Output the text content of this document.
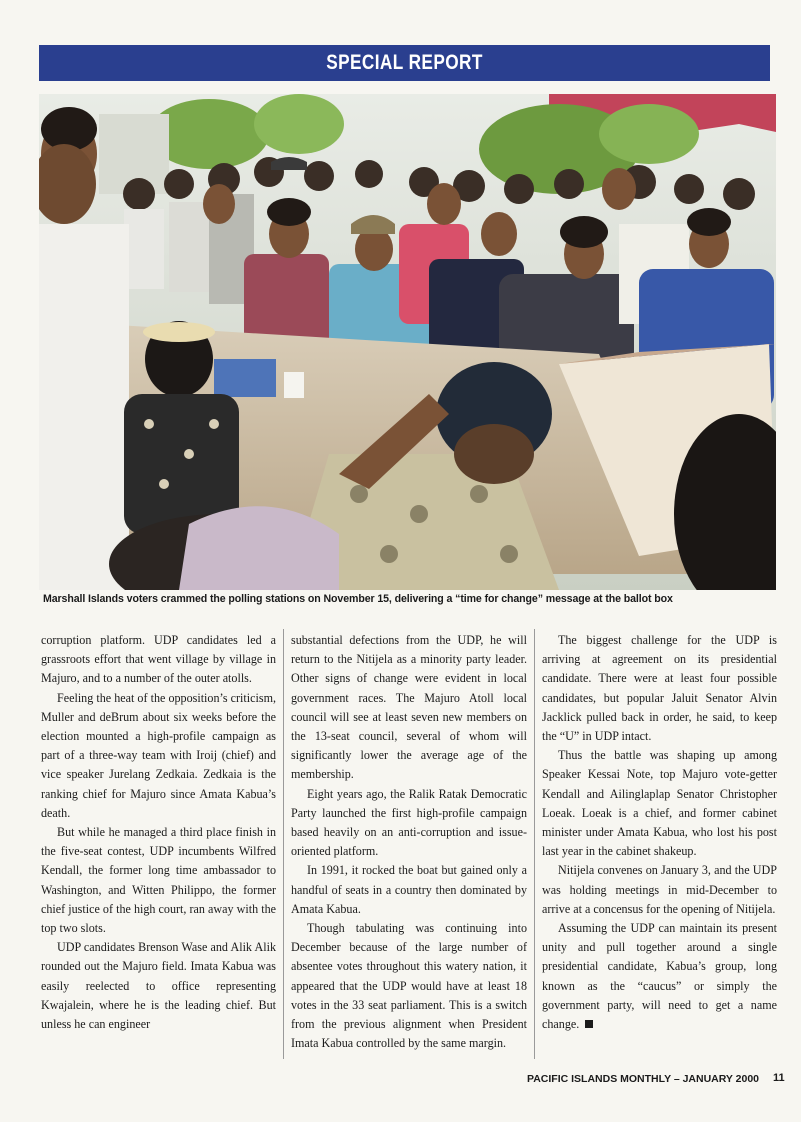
SPECIAL REPORT
Marshall Islands voters crammed the polling stations on November 15, delivering a “time for change” message at the ballot box

corruption platform. UDP candidates led a grassroots effort that went village by village in Majuro, and to a number of the outer atolls.

Feeling the heat of the opposition’s criticism, Muller and deBrum about six weeks before the election mounted a high-profile campaign as part of a three-way team with Iroij (chief) and vice speaker Jurelang Zedkaia. Zedkaia is the ranking chief for Majuro since Amata Kabua’s death.

But while he managed a third place finish in the five-seat contest, UDP incumbents Wilfred Kendall, the former long time ambassador to Washington, and Witten Philippo, the former chief justice of the high court, ran away with the top two slots.

UDP candidates Brenson Wase and Alik Alik rounded out the Majuro field. Imata Kabua was easily reelected to office representing Kwajalein, where he is the leading chief. But unless he can engineer

substantial defections from the UDP, he will return to the Nitijela as a minority party leader. Other signs of change were evident in local government races. The Majuro Atoll local council will see at least seven new members on the 13-seat council, several of whom will significantly lower the average age of the membership.

Eight years ago, the Ralik Ratak Democratic Party launched the first high-profile campaign based heavily on an anti-corruption and issue-oriented platform.

In 1991, it rocked the boat but gained only a handful of seats in a country then dominated by Amata Kabua.

Though tabulating was continuing into December because of the large number of absentee votes throughout this watery nation, it appeared that the UDP would have at least 18 votes in the 33 seat parliament. This is a switch from the previous alignment when President Imata Kabua controlled by the same margin.

The biggest challenge for the UDP is arriving at agreement on its presidential candidate. There were at least four possible candidates, but popular Jaluit Senator Alvin Jacklick pulled back in order, he said, to keep the “U” in UDP intact.

Thus the battle was shaping up among Speaker Kessai Note, top Majuro vote-getter Kendall and Ailinglaplap Senator Christopher Loeak. Loeak is a chief, and former cabinet minister under Amata Kabua, who lost his post last year in the cabinet shakeup.

Nitijela convenes on January 3, and the UDP was holding meetings in mid-December to arrive at a concensus for the opening of Nitijela.

Assuming the UDP can maintain its present unity and pull together around a single presidential candidate, Kabua’s group, long known as the “caucus” or simply the government party, will need to get a name change.

PACIFIC ISLANDS MONTHLY – JANUARY 2000 11
